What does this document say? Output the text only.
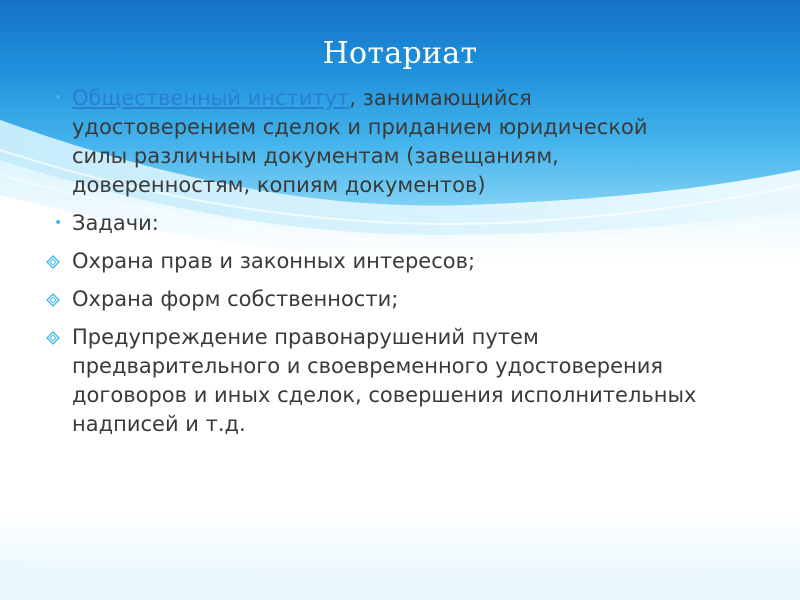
Нотариат
• Общественный институт, занимающийся удостоверением сделок и приданием юридической силы различным документам (завещаниям, доверенностям, копиям документов)
• Задачи:
Охрана прав и законных интересов;
Охрана форм собственности;
Предупреждение правонарушений путем предварительного и своевременного удостоверения договоров и иных сделок, совершения исполнительных надписей и т.д.
